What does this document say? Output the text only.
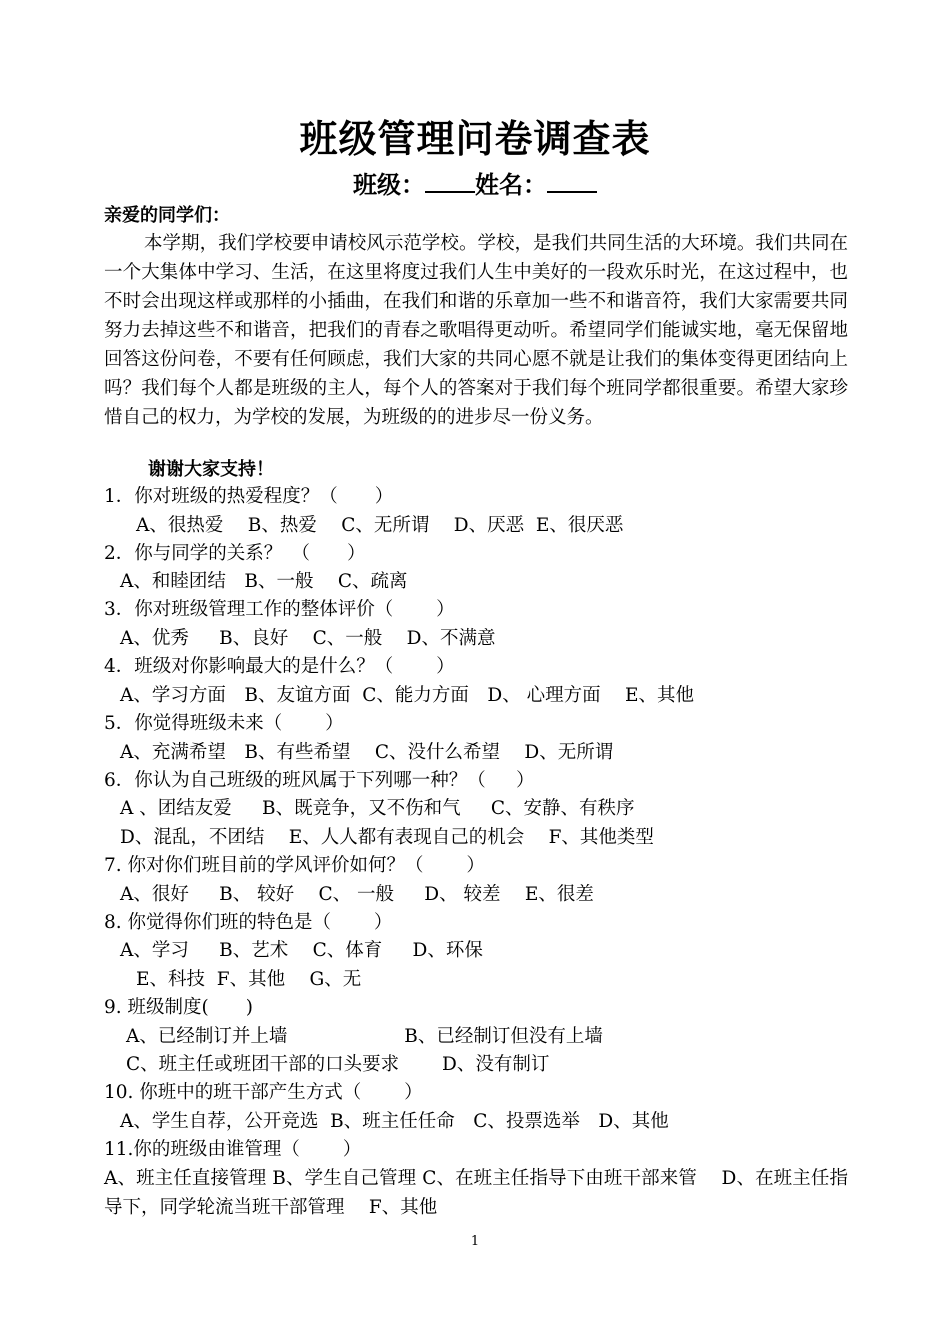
班级管理问卷调查表
班级： 姓名：
亲爱的同学们：

本学期，我们学校要申请校风示范学校。学校，是我们共同生活的大环境。我们共同在一个大集体中学习、生活，在这里将度过我们人生中美好的一段欢乐时光，在这过程中，也不时会出现这样或那样的小插曲，在我们和谐的乐章加一些不和谐音符，我们大家需要共同努力去掉这些不和谐音，把我们的青春之歌唱得更动听。希望同学们能诚实地，毫无保留地回答这份问卷，不要有任何顾虑，我们大家的共同心愿不就是让我们的集体变得更团结向上吗？我们每个人都是班级的主人，每个人的答案对于我们每个班同学都很重要。希望大家珍惜自己的权力，为学校的发展，为班级的的进步尽一份义务。

谢谢大家支持！
1．你对班级的热爱程度？（　　）
A、很热爱　 B、热爱　 C、无所谓　 D、厌恶  E、很厌恶
2．你与同学的关系？　（　　）
A、和睦团结　B、一般　 C、疏离
3．你对班级管理工作的整体评价（　　 ）
A、优秀　  B、良好　 C、一般　 D、不满意
4．班级对你影响最大的是什么？（　　 ）
A、学习方面　B、友谊方面  C、能力方面　D、 心理方面　 E、其他
5．你觉得班级未来（　　 ）
A、充满希望　B、有些希望　 C、没什么希望　 D、无所谓
6．你认为自己班级的班风属于下列哪一种？（　  ）
A 、团结友爱　  B、既竞争，又不伤和气　  C、安静、有秩序
D、混乱，不团结　 E、人人都有表现自己的机会　 F、其他类型
7. 你对你们班目前的学风评价如何？（　　 ）
A、很好　  B、 较好　 C、 一般　  D、 较差　 E、很差
8. 你觉得你们班的特色是（　　 ）
A、学习　  B、艺术　 C、体育　  D、环保
E、科技  F、其他　 G、无
9. 班级制度(　　)
A、已经制订并上墙　　　　　　 B、已经制订但没有上墙
C、班主任或班团干部的口头要求　　 D、没有制订
10. 你班中的班干部产生方式（　　 ）
A、学生自荐，公开竞选  B、班主任任命　C、投票选举　D、其他
11.你的班级由谁管理（　　 ）
A、班主任直接管理 B、学生自己管理 C、在班主任指导下由班干部来管　 D、在班主任指导下，同学轮流当班干部管理　 F、其他
1
